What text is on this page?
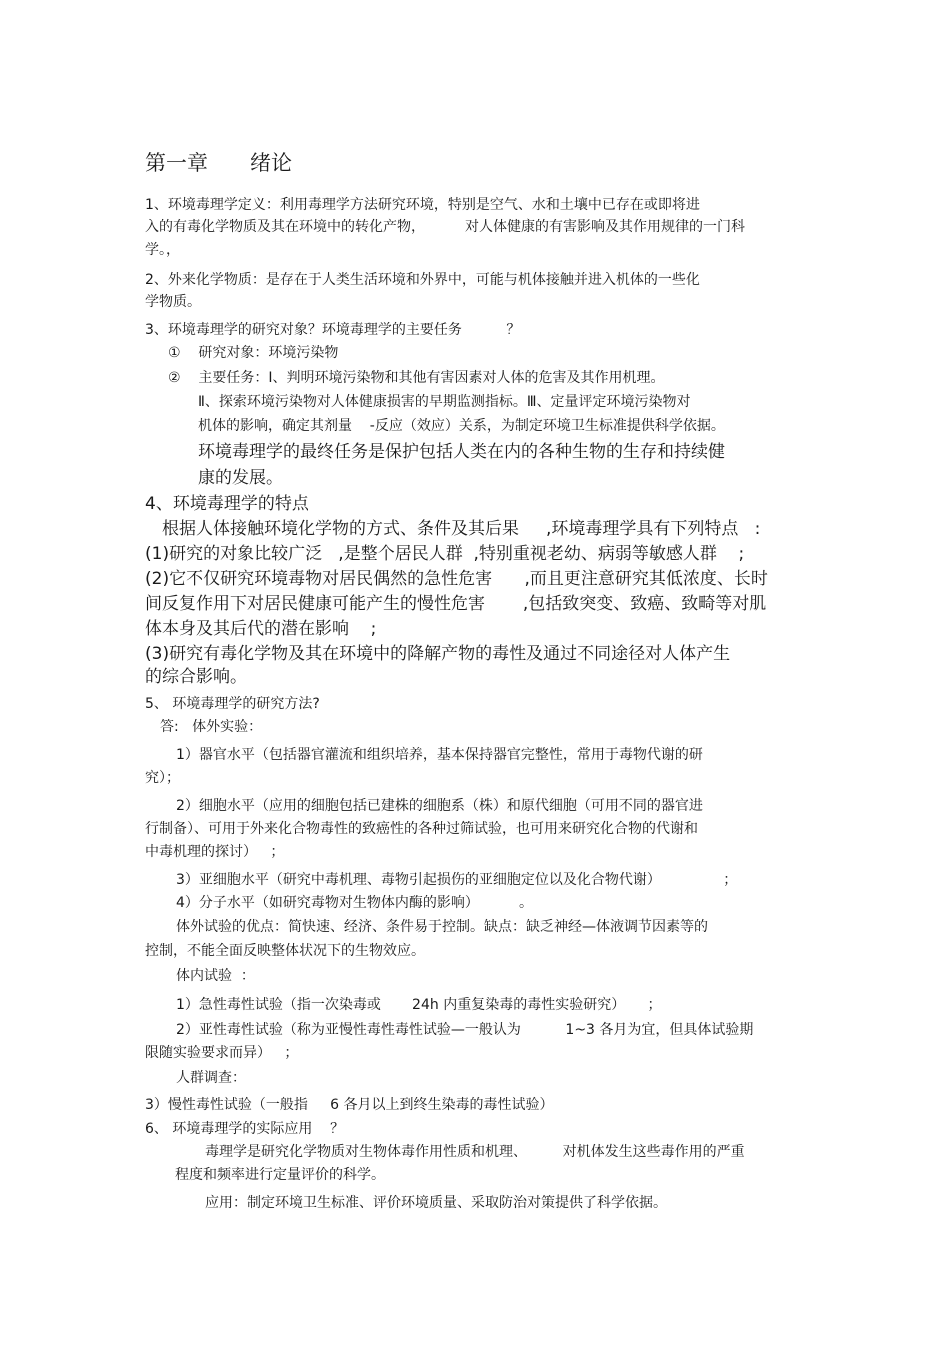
第一章 绪论
1、环境毒理学定义：利用毒理学方法研究环境，特别是空气、水和土壤中已存在或即将进
入的有毒化学物质及其在环境中的转化产物，         对人体健康的有害影响及其作用规律的一门科
学。，
2、外来化学物质：是存在于人类生活环境和外界中，可能与机体接触并进入机体的一些化
学物质。
3、环境毒理学的研究对象？环境毒理学的主要任务          ？
①    研究对象：环境污染物
②    主要任务：Ⅰ、判明环境污染物和其他有害因素对人体的危害及其作用机理。
Ⅱ、探索环境污染物对人体健康损害的早期监测指标。Ⅲ、定量评定环境污染物对
机体的影响，确定其剂量    -反应（效应）关系，为制定环境卫生标准提供科学依据。
环境毒理学的最终任务是保护包括人类在内的各种生物的生存和持续健
康的发展。
4、环境毒理学的特点
根据人体接触环境化学物的方式、条件及其后果     ,环境毒理学具有下列特点   :
(1)研究的对象比较广泛   ,是整个居民人群  ,特别重视老幼、病弱等敏感人群    ;
(2)它不仅研究环境毒物对居民偶然的急性危害      ,而且更注意研究其低浓度、长时
间反复作用下对居民健康可能产生的慢性危害       ,包括致突变、致癌、致畸等对肌
体本身及其后代的潜在影响    ;
(3)研究有毒化学物及其在环境中的降解产物的毒性及通过不同途径对人体产生
的综合影响。
5、 环境毒理学的研究方法?
答:   体外实验：
1）器官水平（包括器官灌流和组织培养，基本保持器官完整性，常用于毒物代谢的研
究）；
2）细胞水平（应用的细胞包括已建株的细胞系（株）和原代细胞（可用不同的器官进
行制备）、可用于外来化合物毒性的致癌性的各种过筛试验，也可用来研究化合物的代谢和
中毒机理的探讨）   ；
3）亚细胞水平（研究中毒机理、毒物引起损伤的亚细胞定位以及化合物代谢）              ；
4）分子水平（如研究毒物对生物体内酶的影响）         。
体外试验的优点：简快速、经济、条件易于控制。缺点：缺乏神经—体液调节因素等的
控制，不能全面反映整体状况下的生物效应。
体内试验  ：
1）急性毒性试验（指一次染毒或       24h 内重复染毒的毒性实验研究）     ；
2）亚性毒性试验（称为亚慢性毒性毒性试验—一般认为          1~3 各月为宜，但具体试验期
限随实验要求而异）   ；
人群调查：
3）慢性毒性试验（一般指     6 各月以上到终生染毒的毒性试验）
6、 环境毒理学的实际应用    ？
毒理学是研究化学物质对生物体毒作用性质和机理、        对机体发生这些毒作用的严重
程度和频率进行定量评价的科学。
应用：制定环境卫生标准、评价环境质量、采取防治对策提供了科学依据。
